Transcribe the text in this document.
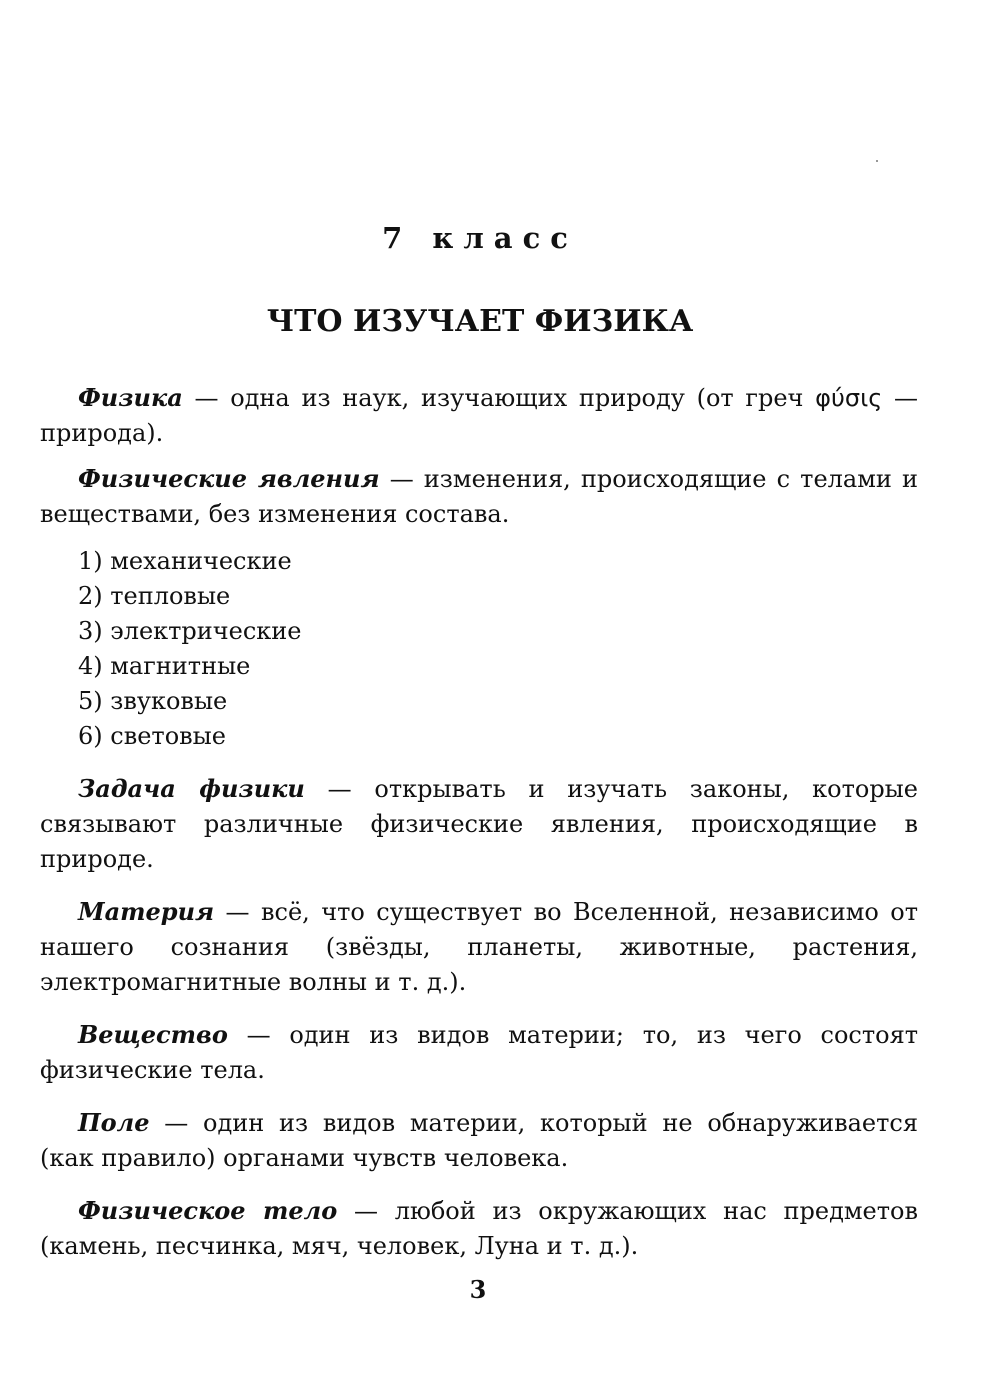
7 класс
ЧТО ИЗУЧАЕТ ФИЗИКА

Физика — одна из наук, изучающих природу (от греч φύσις — природа).

Физические явления — изменения, происходящие с телами и веществами, без изменения состава.

1) механические
2) тепловые
3) электрические
4) магнитные
5) звуковые
6) световые

Задача физики — открывать и изучать законы, которые связывают различные физические явления, происходящие в природе.

Материя — всё, что существует во Вселенной, независимо от нашего сознания (звёзды, планеты, животные, растения, электромагнитные волны и т. д.).

Вещество — один из видов материи; то, из чего состоят физические тела.

Поле — один из видов материи, который не обнаруживается (как правило) органами чувств человека.

Физическое тело — любой из окружающих нас предметов (камень, песчинка, мяч, человек, Луна и т. д.).

3
